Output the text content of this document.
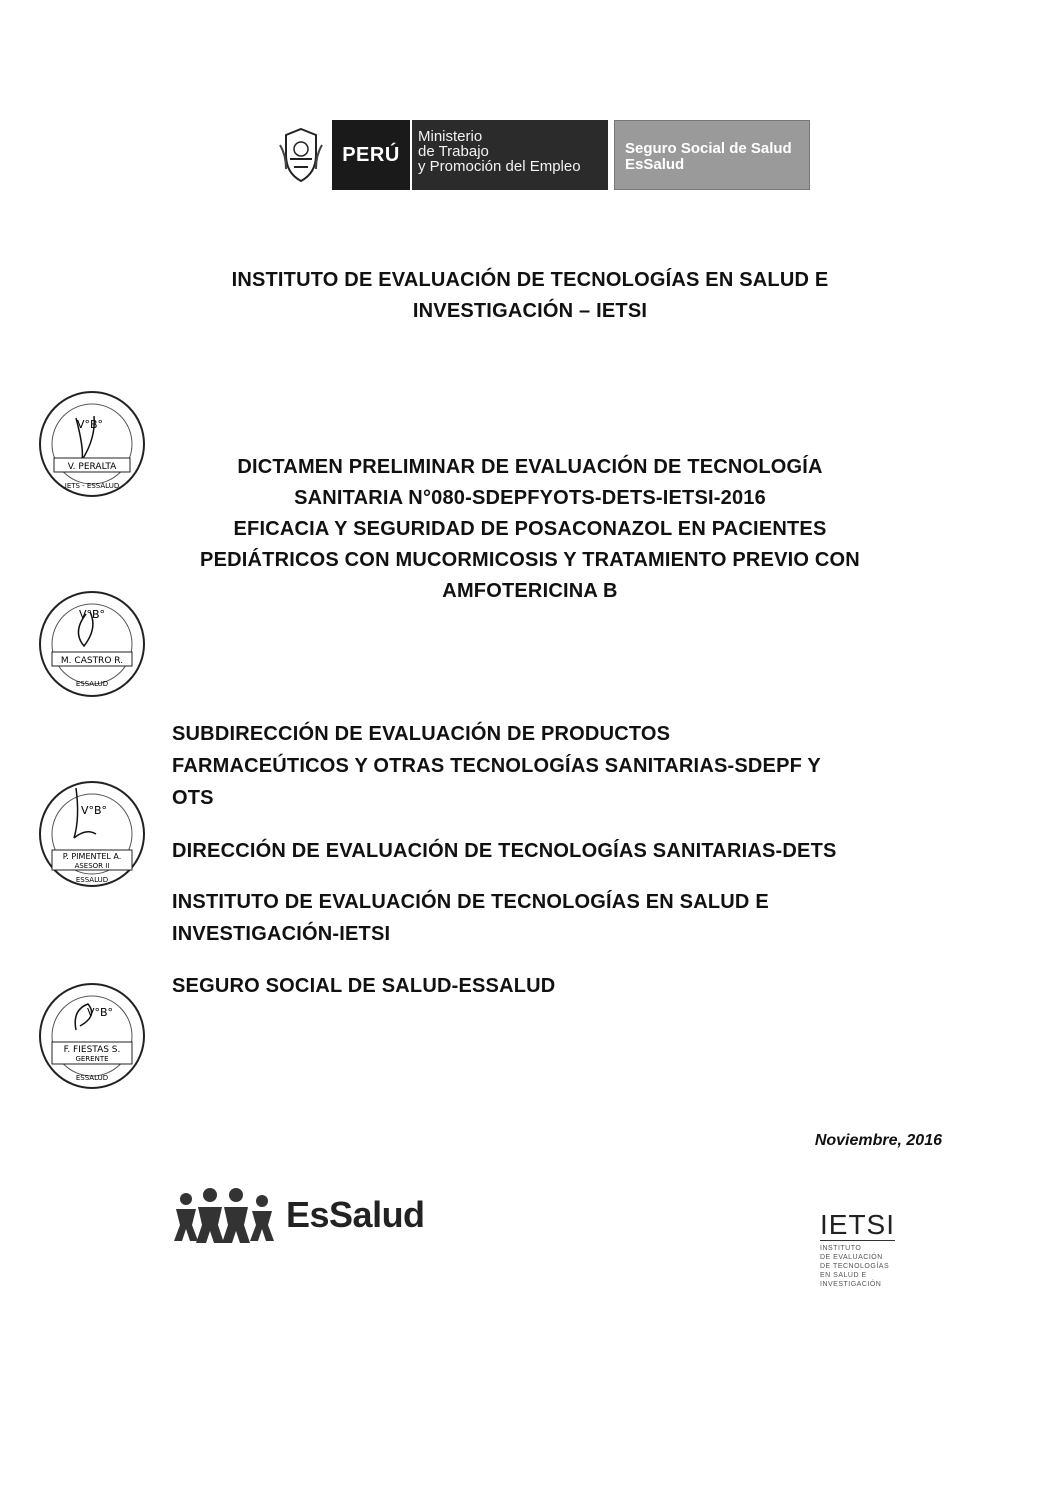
PERÚ
Ministerio
de Trabajo
y Promoción del Empleo
Seguro Social de Salud
EsSalud
INSTITUTO DE EVALUACIÓN DE TECNOLOGÍAS EN SALUD E
INVESTIGACIÓN – IETSI
DICTAMEN PRELIMINAR DE EVALUACIÓN DE TECNOLOGÍA
SANITARIA N°080-SDEPFYOTS-DETS-IETSI-2016
EFICACIA Y SEGURIDAD DE POSACONAZOL EN PACIENTES
PEDIÁTRICOS CON MUCORMICOSIS Y TRATAMIENTO PREVIO CON
AMFOTERICINA B
SUBDIRECCIÓN DE EVALUACIÓN DE PRODUCTOS
FARMACEÚTICOS Y OTRAS TECNOLOGÍAS SANITARIAS-SDEPF Y
OTS
DIRECCIÓN DE EVALUACIÓN DE TECNOLOGÍAS SANITARIAS-DETS
INSTITUTO DE EVALUACIÓN DE TECNOLOGÍAS EN SALUD E
INVESTIGACIÓN-IETSI
SEGURO SOCIAL DE SALUD-ESSALUD
V°B°
V. PERALTA
IETS - ESSALUD
V°B°
M. CASTRO R.
ESSALUD
V°B°
P. PIMENTEL A.
ASESOR II
ESSALUD
V°B°
F. FIESTAS S.
GERENTE
ESSALUD
Noviembre, 2016
EsSalud	IETSI
INSTITUTO
DE EVALUACIÓN
DE TECNOLOGÍAS
EN SALUD E
INVESTIGACIÓN
